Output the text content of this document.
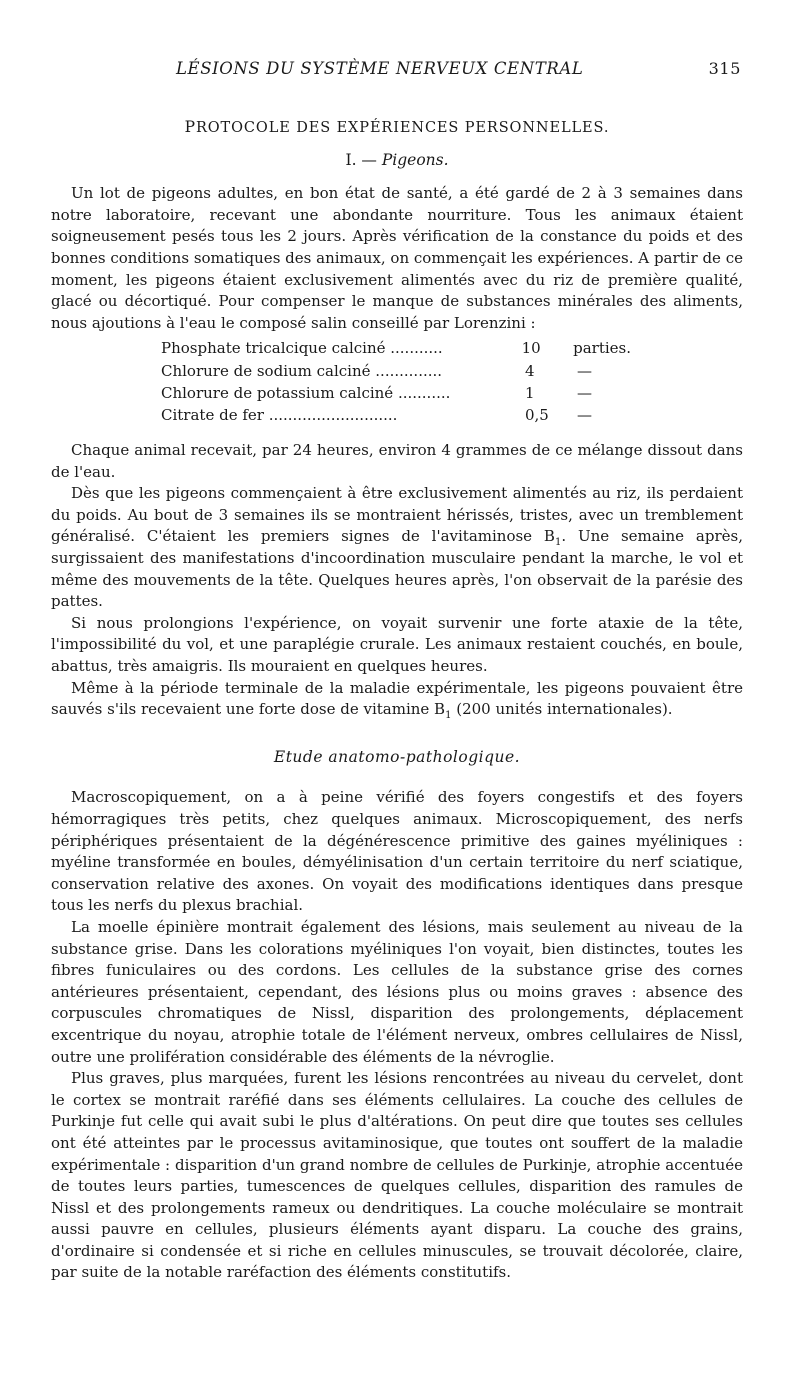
LÉSIONS DU SYSTÈME NERVEUX CENTRAL	315
PROTOCOLE DES EXPÉRIENCES PERSONNELLES.
I. — Pigeons.

Un lot de pigeons adultes, en bon état de santé, a été gardé de 2 à 3 semaines dans notre laboratoire, recevant une abondante nourriture. Tous les animaux étaient soigneusement pesés tous les 2 jours. Après vérification de la constance du poids et des bonnes conditions somatiques des animaux, on commençait les expériences. A partir de ce moment, les pigeons étaient exclusivement alimentés avec du riz de première qualité, glacé ou décortiqué. Pour compenser le manque de substances minérales des aliments, nous ajoutions à l'eau le composé salin conseillé par Lorenzini :

Phosphate tricalcique calciné ...........	10	parties.
Chlorure de sodium calciné ..............	4	—
Chlorure de potassium calciné ...........	1	—
Citrate de fer ...........................	0,5	—

Chaque animal recevait, par 24 heures, environ 4 grammes de ce mélange dissout dans de l'eau.

Dès que les pigeons commençaient à être exclusivement alimentés au riz, ils perdaient du poids. Au bout de 3 semaines ils se montraient hérissés, tristes, avec un tremblement généralisé. C'étaient les premiers signes de l'avitaminose $B_1$. Une semaine après, surgissaient des manifestations d'incoordination musculaire pendant la marche, le vol et même des mouvements de la tête. Quelques heures après, l'on observait de la parésie des pattes.

Si nous prolongions l'expérience, on voyait survenir une forte ataxie de la tête, l'impossibilité du vol, et une paraplégie crurale. Les animaux restaient couchés, en boule, abattus, très amaigris. Ils mouraient en quelques heures.

Même à la période terminale de la maladie expérimentale, les pigeons pouvaient être sauvés s'ils recevaient une forte dose de vitamine $B_1$ (200 unités internationales).

Etude anatomo-pathologique.

Macroscopiquement, on a à peine vérifié des foyers congestifs et des foyers hémorragiques très petits, chez quelques animaux. Microscopiquement, des nerfs périphériques présentaient de la dégénérescence primitive des gaines myéliniques : myéline transformée en boules, démyélinisation d'un certain territoire du nerf sciatique, conservation relative des axones. On voyait des modifications identiques dans presque tous les nerfs du plexus brachial.

La moelle épinière montrait également des lésions, mais seulement au niveau de la substance grise. Dans les colorations myéliniques l'on voyait, bien distinctes, toutes les fibres funiculaires ou des cordons. Les cellules de la substance grise des cornes antérieures présentaient, cependant, des lésions plus ou moins graves : absence des corpuscules chromatiques de Nissl, disparition des prolongements, déplacement excentrique du noyau, atrophie totale de l'élément nerveux, ombres cellulaires de Nissl, outre une prolifération considérable des éléments de la névroglie.

Plus graves, plus marquées, furent les lésions rencontrées au niveau du cervelet, dont le cortex se montrait raréfié dans ses éléments cellulaires. La couche des cellules de Purkinje fut celle qui avait subi le plus d'altérations. On peut dire que toutes ses cellules ont été atteintes par le processus avitaminosique, que toutes ont souffert de la maladie expérimentale : disparition d'un grand nombre de cellules de Purkinje, atrophie accentuée de toutes leurs parties, tumescences de quelques cellules, disparition des ramules de Nissl et des prolongements rameux ou dendritiques. La couche moléculaire se montrait aussi pauvre en cellules, plusieurs éléments ayant disparu. La couche des grains, d'ordinaire si condensée et si riche en cellules minuscules, se trouvait décolorée, claire, par suite de la notable raréfaction des éléments constitutifs.
